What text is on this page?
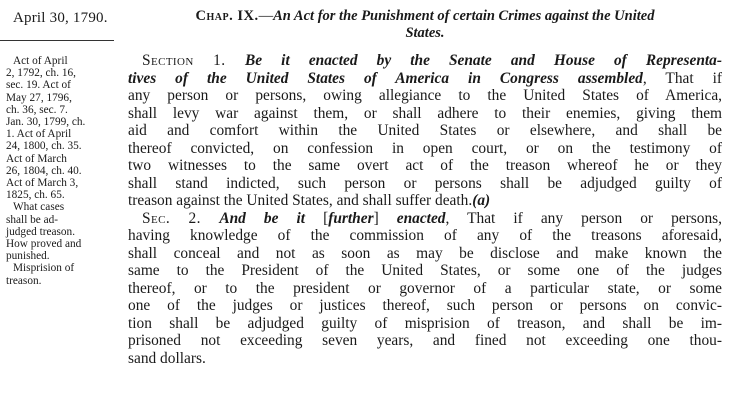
April 30, 1790.
Act of April
2, 1792, ch. 16,
sec. 19. Act of
May 27, 1796,
ch. 36, sec. 7.
Jan. 30, 1799, ch.
1. Act of April
24, 1800, ch. 35.
Act of March
26, 1804, ch. 40.
Act of March 3,
1825, ch. 65.
What cases
shall be ad-
judged treason.
How proved and
punished.
Misprision of
treason.

Chap. IX.—An Act for the Punishment of certain Crimes against the United
States.

Section 1. Be it enacted by the Senate and House of Representa-
tives of the United States of America in Congress assembled, That if
any person or persons, owing allegiance to the United States of America,
shall levy war against them, or shall adhere to their enemies, giving them
aid and comfort within the United States or elsewhere, and shall be
thereof convicted, on confession in open court, or on the testimony of
two witnesses to the same overt act of the treason whereof he or they
shall stand indicted, such person or persons shall be adjudged guilty of
treason against the United States, and shall suffer death.(a)
Sec. 2. And be it [further] enacted, That if any person or persons,
having knowledge of the commission of any of the treasons aforesaid,
shall conceal and not as soon as may be disclose and make known the
same to the President of the United States, or some one of the judges
thereof, or to the president or governor of a particular state, or some
one of the judges or justices thereof, such person or persons on convic-
tion shall be adjudged guilty of misprision of treason, and shall be im-
prisoned not exceeding seven years, and fined not exceeding one thou-
sand dollars.
